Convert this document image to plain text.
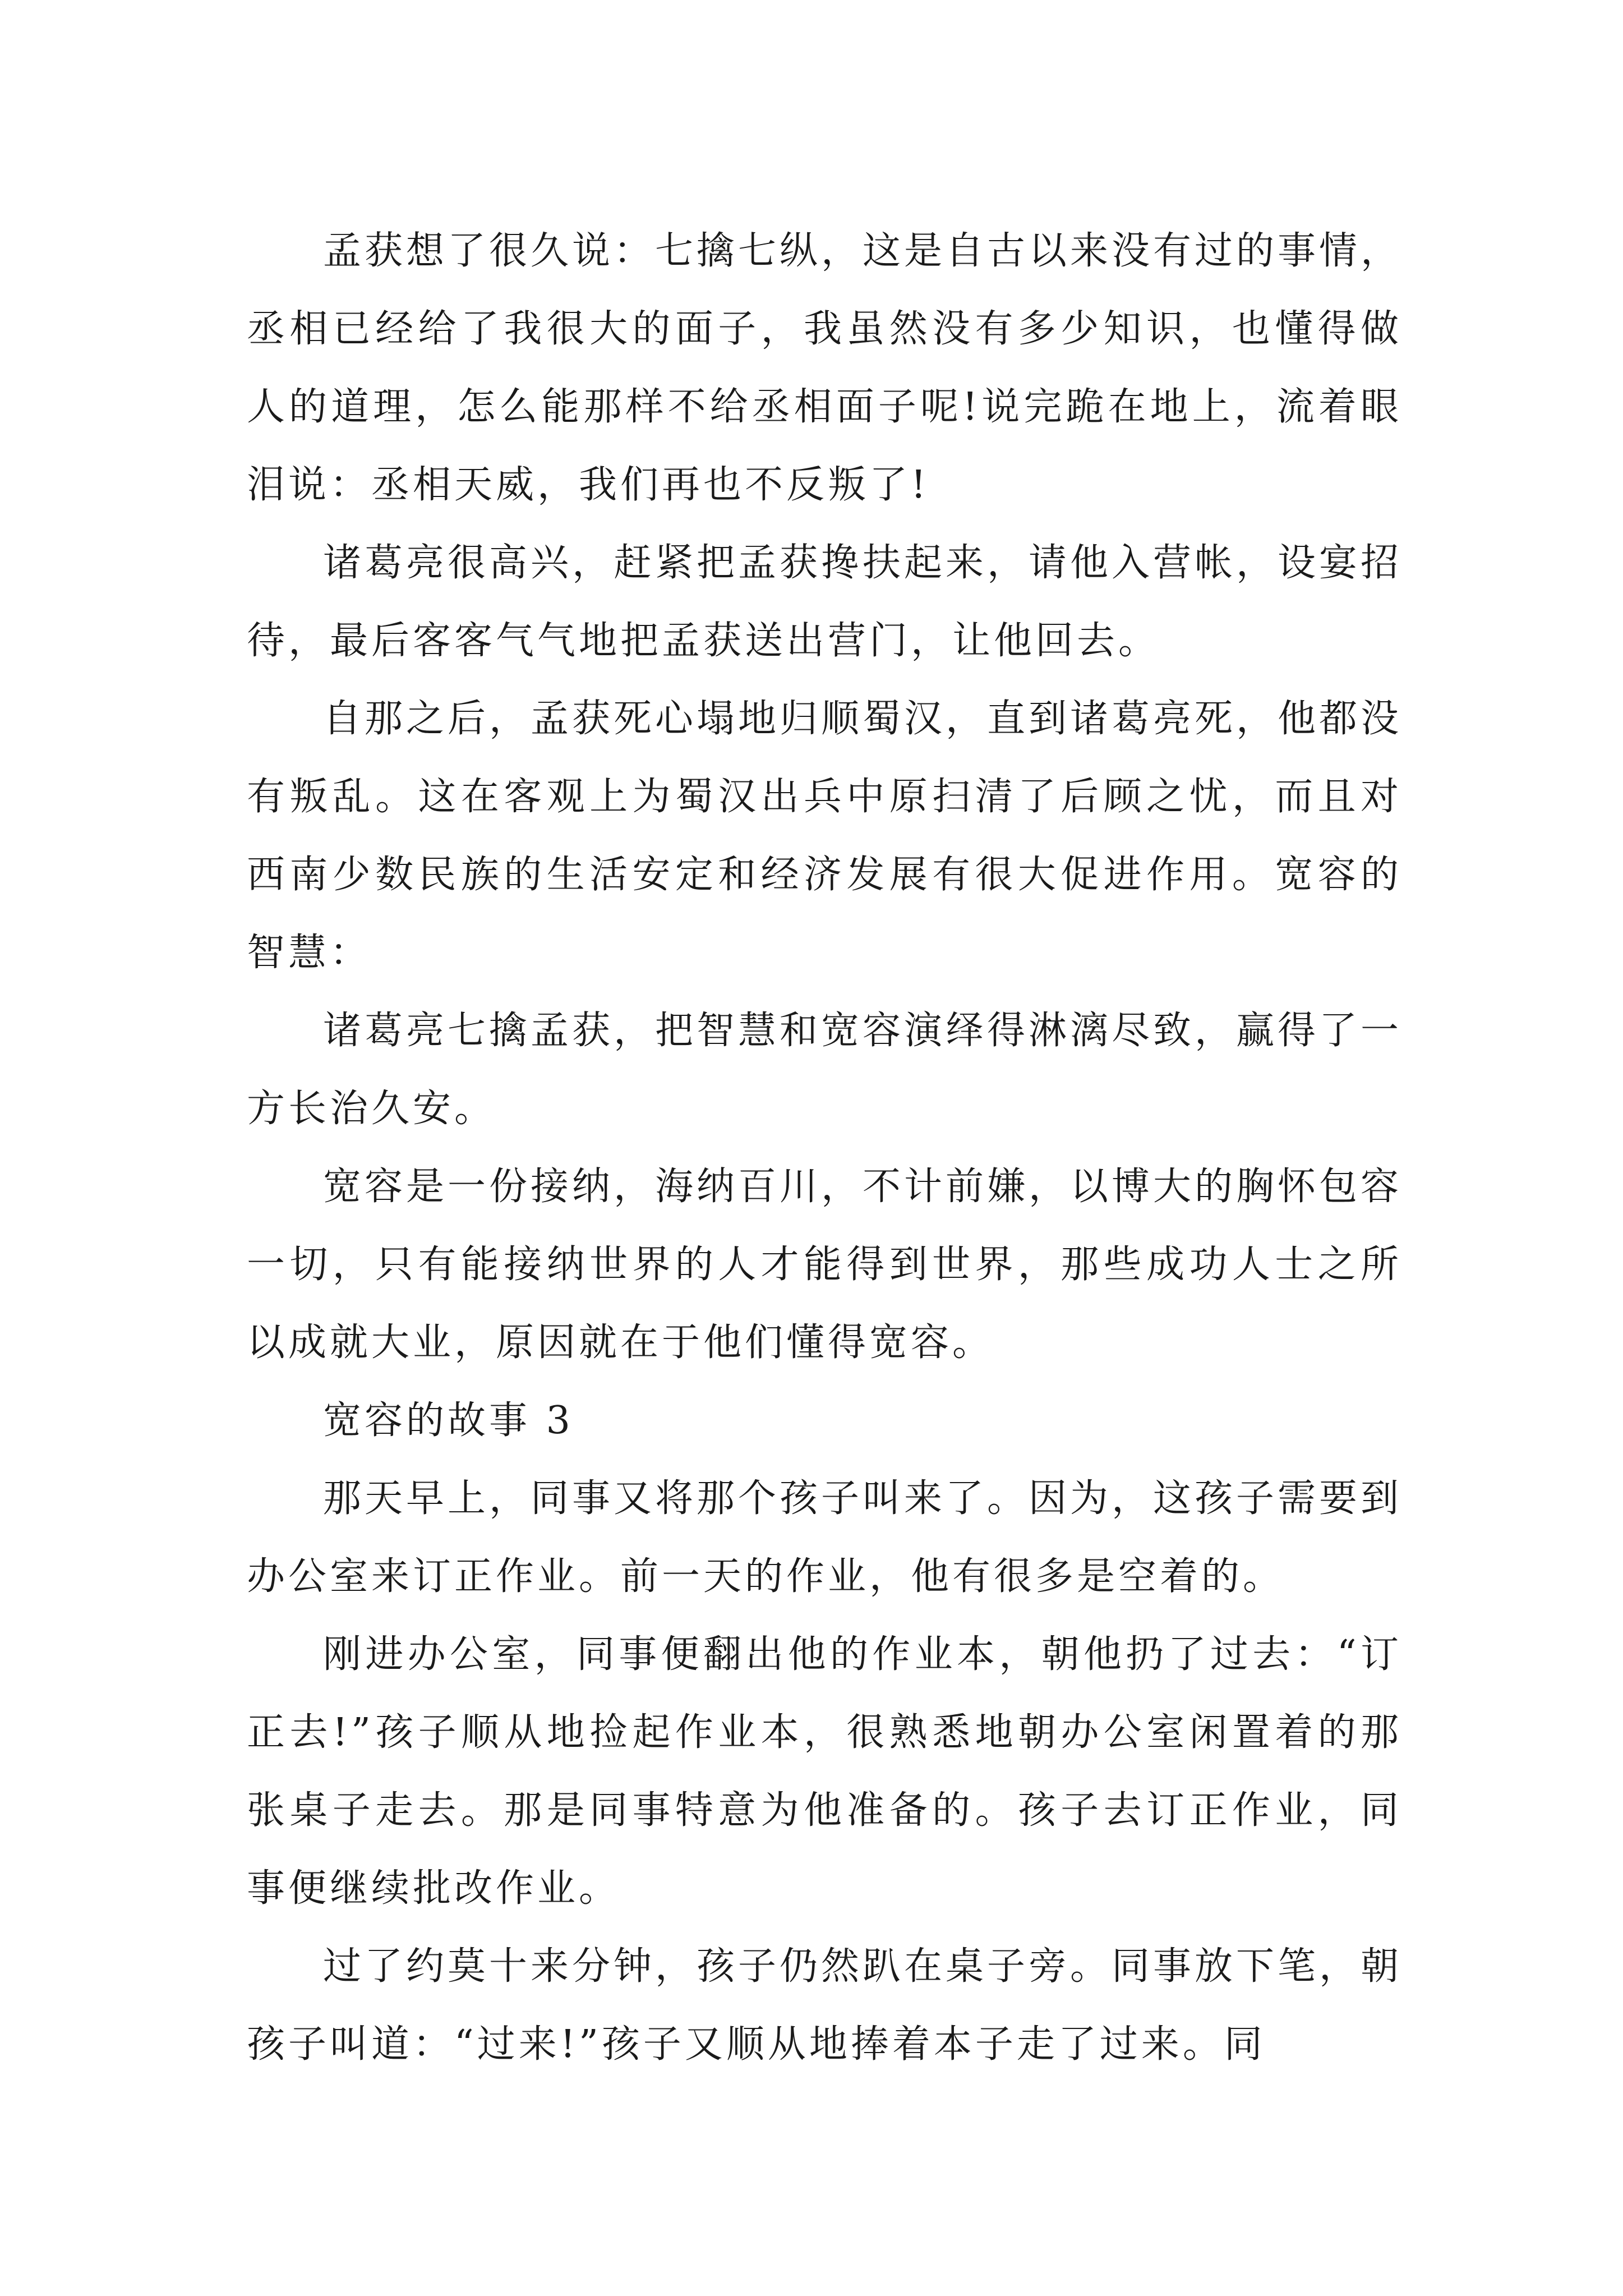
孟获想了很久说：七擒七纵，这是自古以来没有过的事情，丞相已经给了我很大的面子，我虽然没有多少知识，也懂得做人的道理，怎么能那样不给丞相面子呢!说完跪在地上，流着眼泪说：丞相天威，我们再也不反叛了!

诸葛亮很高兴，赶紧把孟获搀扶起来，请他入营帐，设宴招待，最后客客气气地把孟获送出营门，让他回去。

自那之后，孟获死心塌地归顺蜀汉，直到诸葛亮死，他都没有叛乱。这在客观上为蜀汉出兵中原扫清了后顾之忧，而且对西南少数民族的生活安定和经济发展有很大促进作用。宽容的智慧：

诸葛亮七擒孟获，把智慧和宽容演绎得淋漓尽致，赢得了一方长治久安。

宽容是一份接纳，海纳百川，不计前嫌，以博大的胸怀包容一切，只有能接纳世界的人才能得到世界，那些成功人士之所以成就大业，原因就在于他们懂得宽容。

宽容的故事 3

那天早上，同事又将那个孩子叫来了。因为，这孩子需要到办公室来订正作业。前一天的作业，他有很多是空着的。

刚进办公室，同事便翻出他的作业本，朝他扔了过去：“订正去!”孩子顺从地捡起作业本，很熟悉地朝办公室闲置着的那张桌子走去。那是同事特意为他准备的。孩子去订正作业，同事便继续批改作业。

过了约莫十来分钟，孩子仍然趴在桌子旁。同事放下笔，朝孩子叫道：“过来!”孩子又顺从地捧着本子走了过来。同
